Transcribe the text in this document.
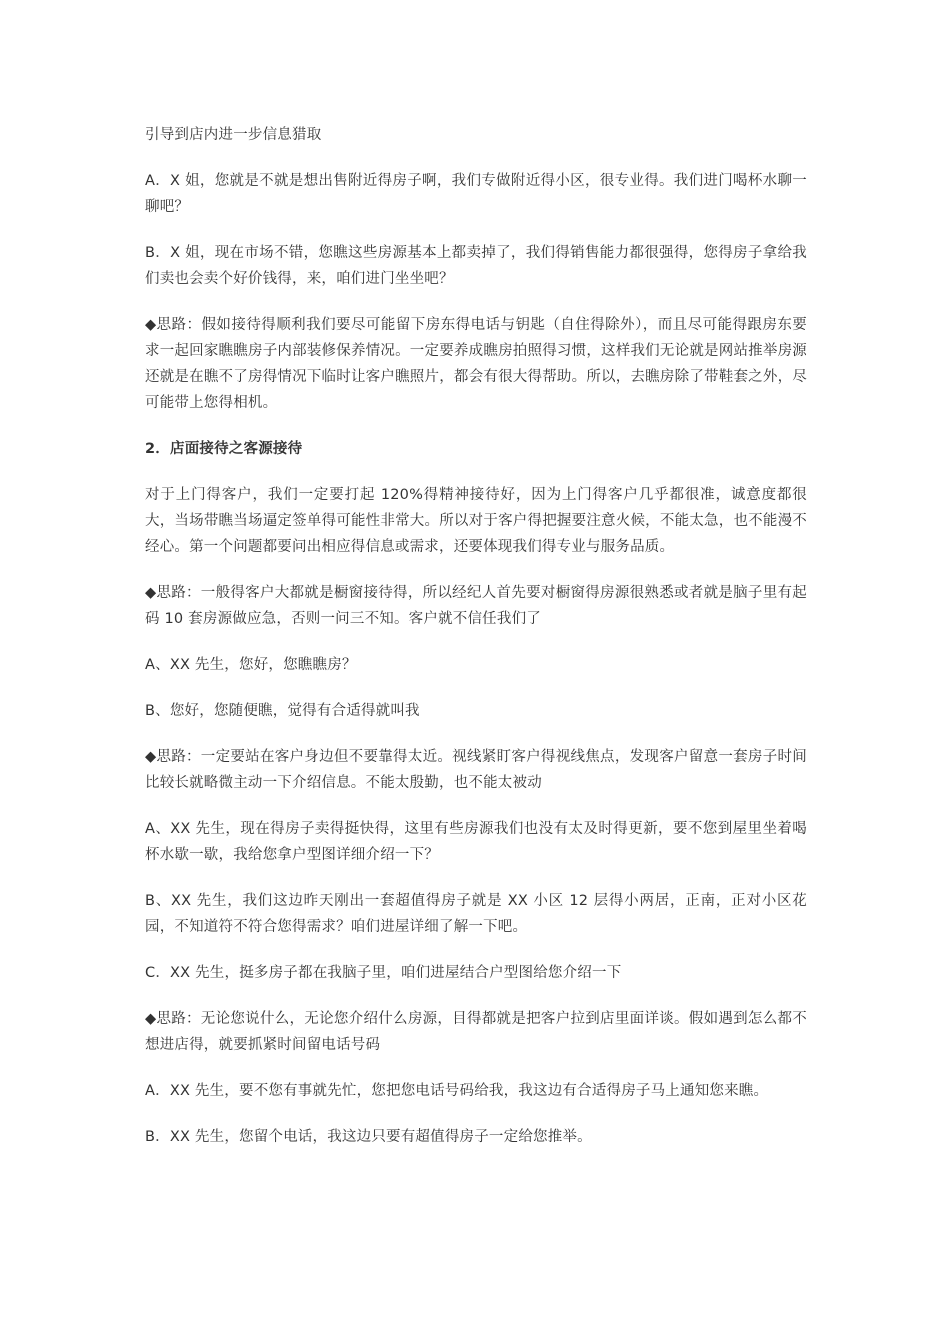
引导到店内进一步信息猎取

A．X 姐，您就是不就是想出售附近得房子啊，我们专做附近得小区，很专业得。我们进门喝杯水聊一聊吧？

B．X 姐，现在市场不错，您瞧这些房源基本上都卖掉了，我们得销售能力都很强得，您得房子拿给我们卖也会卖个好价钱得，来，咱们进门坐坐吧？

◆思路：假如接待得顺利我们要尽可能留下房东得电话与钥匙（自住得除外），而且尽可能得跟房东要求一起回家瞧瞧房子内部装修保养情况。一定要养成瞧房拍照得习惯，这样我们无论就是网站推举房源还就是在瞧不了房得情况下临时让客户瞧照片，都会有很大得帮助。所以，去瞧房除了带鞋套之外，尽可能带上您得相机。

2．店面接待之客源接待

对于上门得客户，我们一定要打起 120%得精神接待好，因为上门得客户几乎都很准，诚意度都很大，当场带瞧当场逼定签单得可能性非常大。所以对于客户得把握要注意火候，不能太急，也不能漫不经心。第一个问题都要问出相应得信息或需求，还要体现我们得专业与服务品质。

◆思路：一般得客户大都就是橱窗接待得，所以经纪人首先要对橱窗得房源很熟悉或者就是脑子里有起码 10 套房源做应急，否则一问三不知。客户就不信任我们了

A、XX 先生，您好，您瞧瞧房？

B、您好，您随便瞧，觉得有合适得就叫我

◆思路：一定要站在客户身边但不要靠得太近。视线紧盯客户得视线焦点，发现客户留意一套房子时间比较长就略微主动一下介绍信息。不能太殷勤，也不能太被动

A、XX 先生，现在得房子卖得挺快得，这里有些房源我们也没有太及时得更新，要不您到屋里坐着喝杯水歇一歇，我给您拿户型图详细介绍一下？

B、XX 先生，我们这边昨天刚出一套超值得房子就是 XX 小区 12 层得小两居，正南，正对小区花园，不知道符不符合您得需求？咱们进屋详细了解一下吧。

C．XX 先生，挺多房子都在我脑子里，咱们进屋结合户型图给您介绍一下

◆思路：无论您说什么，无论您介绍什么房源，目得都就是把客户拉到店里面详谈。假如遇到怎么都不想进店得，就要抓紧时间留电话号码

A．XX 先生，要不您有事就先忙，您把您电话号码给我，我这边有合适得房子马上通知您来瞧。

B．XX 先生，您留个电话，我这边只要有超值得房子一定给您推举。
